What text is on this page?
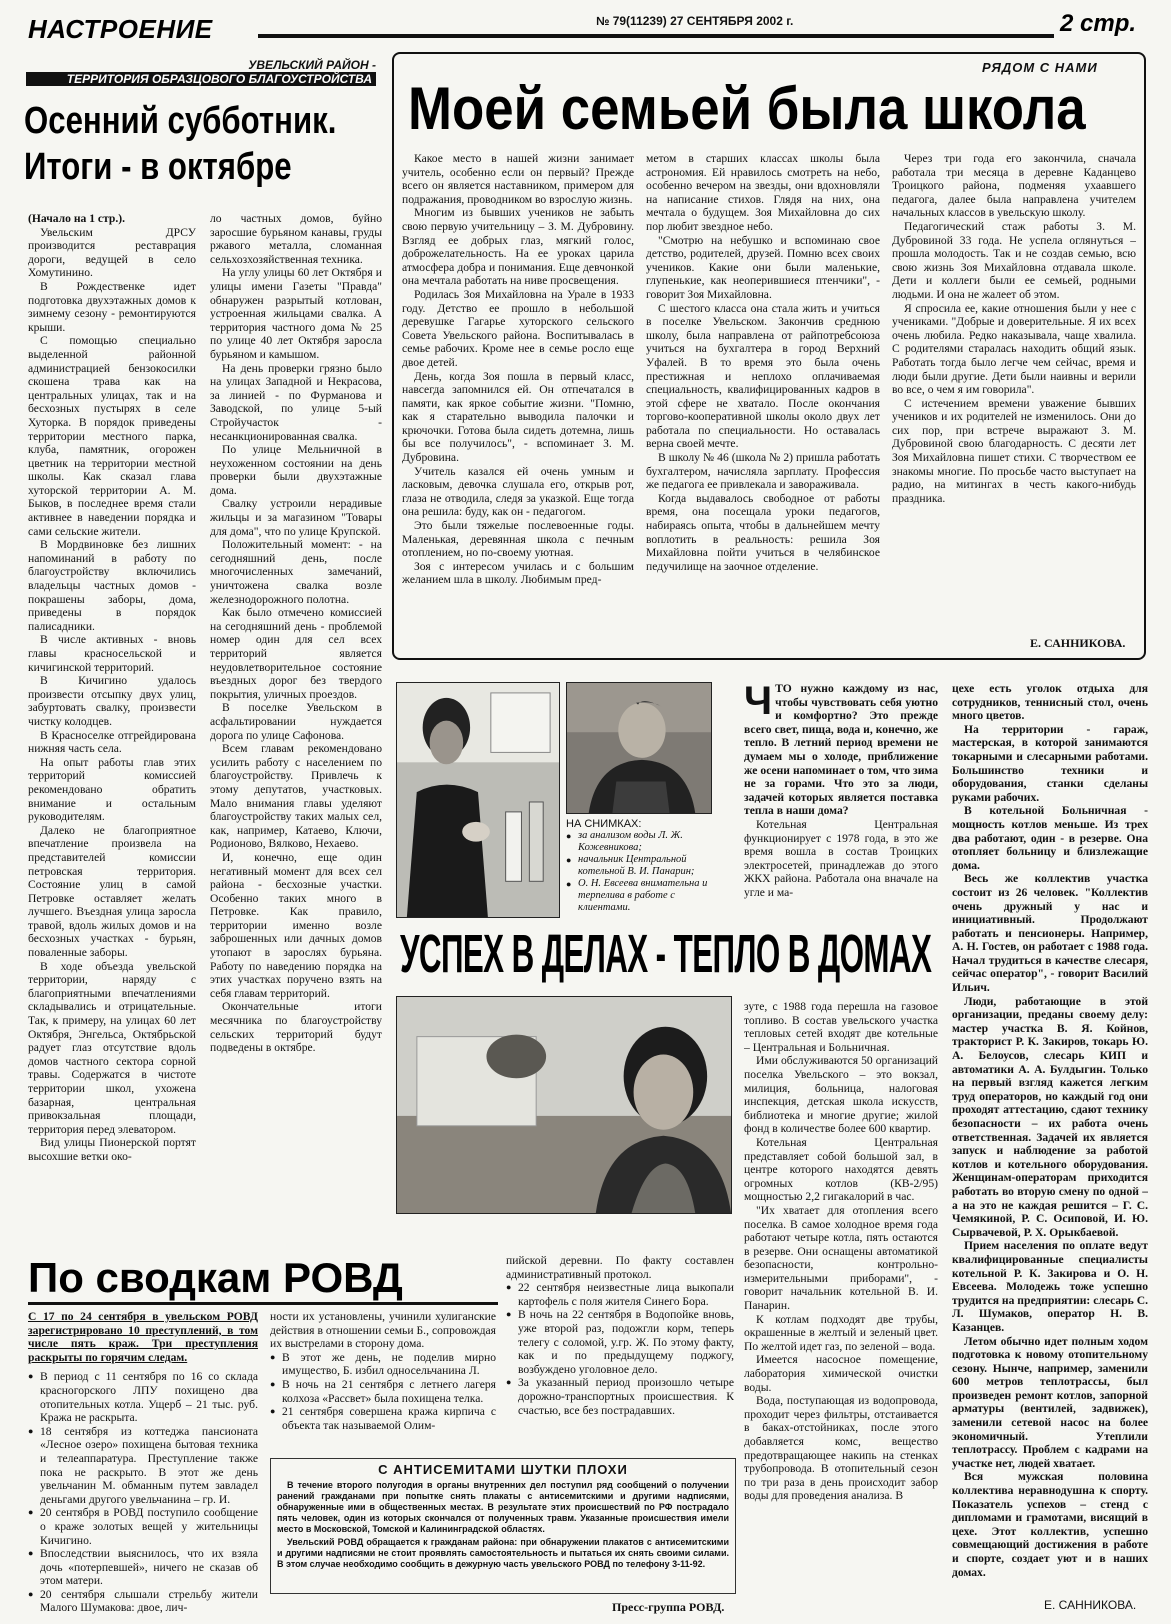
НАСТРОЕНИЕ	№ 79(11239) 27 СЕНТЯБРЯ 2002 г.	2 стр.
УВЕЛЬСКИЙ РАЙОН -
ТЕРРИТОРИЯ ОБРАЗЦОВОГО БЛАГОУСТРОЙСТВА
Осенний субботник.
Итоги - в октябре

(Начало на 1 стр.).

Увельским ДРСУ производится реставрация дороги, ведущей в село Хомутинино.

В Рождественке идет подготовка двухэтажных домов к зимнему сезону - ремонтируются крыши.

С помощью специально выделенной районной администрацией бензокосилки скошена трава как на центральных улицах, так и на бесхозных пустырях в селе Хуторка. В порядок приведены территории местного парка, клуба, памятник, огорожен цветник на территории местной школы. Как сказал глава хуторской территории А. М. Быков, в последнее время стали активнее в наведении порядка и сами сельские жители.

В Мордвиновке без лишних напоминаний в работу по благоустройству включились владельцы частных домов - покрашены заборы, дома, приведены в порядок палисадники.

В числе активных - вновь главы красносельской и кичигинской территорий.

В Кичигино удалось произвести отсыпку двух улиц, забуртовать свалку, произвести чистку колодцев.

В Красноселке отгрейдирована нижняя часть села.

На опыт работы глав этих территорий комиссией рекомендовано обратить внимание и остальным руководителям.

Далеко не благоприятное впечатление произвела на представителей комиссии петровская территория. Состояние улиц в самой Петровке оставляет желать лучшего. Въездная улица заросла травой, вдоль жилых домов и на бесхозных участках - бурьян, поваленные заборы.

В ходе объезда увельской территории, наряду с благоприятными впечатлениями складывались и отрицательные. Так, к примеру, на улицах 60 лет Октября, Энгельса, Октябрьской радует глаз отсутствие вдоль домов частного сектора сорной травы. Содержатся в чистоте территории школ, ухожена базарная, центральная привокзальная площади, территория перед элеватором.

Вид улицы Пионерской портят высохшие ветки око-

ло частных домов, буйно заросшие бурьяном канавы, груды ржавого металла, сломанная сельхозхозяйственная техника.

На углу улицы 60 лет Октября и улицы имени Газеты "Правда" обнаружен разрытый котлован, устроенная жильцами свалка. А территория частного дома № 25 по улице 40 лет Октября заросла бурьяном и камышом.

На день проверки грязно было на улицах Западной и Некрасова, за линией - по Фурманова и Заводской, по улице 5-ый Стройучасток - несанкционированная свалка.

По улице Мельничной в неухоженном состоянии на день проверки были двухэтажные дома.

Свалку устроили нерадивые жильцы и за магазином "Товары для дома", что по улице Крупской.

Положительный момент: - на сегодняшний день, после многочисленных замечаний, уничтожена свалка возле железнодорожного полотна.

Как было отмечено комиссией на сегодняшний день - проблемой номер один для сел всех территорий является неудовлетворительное состояние въездных дорог без твердого покрытия, уличных проездов.

В поселке Увельском в асфальтировании нуждается дорога по улице Сафонова.

Всем главам рекомендовано усилить работу с населением по благоустройству. Привлечь к этому депутатов, участковых. Мало внимания главы уделяют благоустройству таких малых сел, как, например, Катаево, Ключи, Родионово, Вялково, Нехаево.

И, конечно, еще один негативный момент для всех сел района - бесхозные участки. Особенно таких много в Петровке. Как правило, территории именно возле заброшенных или дачных домов утопают в зарослях бурьяна. Работу по наведению порядка на этих участках поручено взять на себя главам территорий.

Окончательные итоги месячника по благоустройству сельских территорий будут подведены в октябре.

РЯДОМ С НАМИ
Моей семьей была школа

Какое место в нашей жизни занимает учитель, особенно если он первый? Прежде всего он является наставником, примером для подражания, проводником во взрослую жизнь.

Многим из бывших учеников не забыть свою первую учительницу – З. М. Дубровину. Взгляд ее добрых глаз, мягкий голос, доброжелательность. На ее уроках царила атмосфера добра и понимания. Еще девчонкой она мечтала работать на ниве просвещения.

Родилась Зоя Михайловна на Урале в 1933 году. Детство ее прошло в небольшой деревушке Гагарье хуторского сельского Совета Увельского района. Воспитывалась в семье рабочих. Кроме нее в семье росло еще двое детей.

День, когда Зоя пошла в первый класс, навсегда запомнился ей. Он отпечатался в памяти, как яркое событие жизни. "Помню, как я старательно выводила палочки и крючочки. Готова была сидеть дотемна, лишь бы все получилось", - вспоминает З. М. Дубровина.

Учитель казался ей очень умным и ласковым, девочка слушала его, открыв рот, глаза не отводила, следя за указкой. Еще тогда она решила: буду, как он - педагогом.

Это были тяжелые послевоенные годы. Маленькая, деревянная школа с печным отоплением, но по-своему уютная.

Зоя с интересом училась и с большим желанием шла в школу. Любимым пред-

метом в старших классах школы была астрономия. Ей нравилось смотреть на небо, особенно вечером на звезды, они вдохновляли на написание стихов. Глядя на них, она мечтала о будущем. Зоя Михайловна до сих пор любит звездное небо.

"Смотрю на небушко и вспоминаю свое детство, родителей, друзей. Помню всех своих учеников. Какие они были маленькие, глупенькие, как неоперившиеся птенчики", - говорит Зоя Михайловна.

С шестого класса она стала жить и учиться в поселке Увельском. Закончив среднюю школу, была направлена от райпотребсоюза учиться на бухгалтера в город Верхний Уфалей. В то время это была очень престижная и неплохо оплачиваемая специальность, квалифицированных кадров в этой сфере не хватало. После окончания торгово-кооперативной школы около двух лет работала по специальности. Но оставалась верна своей мечте.

В школу № 46 (школа № 2) пришла работать бухгалтером, начисляла зарплату. Профессия же педагога ее привлекала и завораживала.

Когда выдавалось свободное от работы время, она посещала уроки педагогов, набираясь опыта, чтобы в дальнейшем мечту воплотить в реальность: решила Зоя Михайловна пойти учиться в челябинское педучилище на заочное отделение.

Через три года его закончила, сначала работала три месяца в деревне Каданцево Троицкого района, подменяя ухаавшего педагога, далее была направлена учителем начальных классов в увельскую школу.

Педагогический стаж работы З. М. Дубровиной 33 года. Не успела оглянуться – прошла молодость. Так и не создав семью, всю свою жизнь Зоя Михайловна отдавала школе. Дети и коллеги были ее семьей, родными людьми. И она не жалеет об этом.

Я спросила ее, какие отношения были у нее с учениками. "Добрые и доверительные. Я их всех очень любила. Редко наказывала, чаще хвалила. С родителями старалась находить общий язык. Работать тогда было легче чем сейчас, время и люди были другие. Дети были наивны и верили во все, о чем я им говорила".

С истечением времени уважение бывших учеников и их родителей не изменилось. Они до сих пор, при встрече выражают З. М. Дубровиной свою благодарность. С десяти лет Зоя Михайловна пишет стихи. С творчеством ее знакомы многие. По просьбе часто выступает на радио, на митингах в честь какого-нибудь праздника.

Е. САННИКОВА.
НА СНИМКАХ:
● за анализом воды Л. Ж. Кожевникова;
● начальник Центральной котельной В. И. Панарин;
● О. Н. Евсеева внимательна и терпелива в работе с клиентами.
УСПЕХ В ДЕЛАХ - ТЕПЛО В ДОМАХ

ЧТО нужно каждому из нас, чтобы чувствовать себя уютно и комфортно? Это прежде всего свет, пища, вода и, конечно, же тепло. В летний период времени не думаем мы о холоде, приближение же осени напоминает о том, что зима не за горами. Что это за люди, задачей которых является поставка тепла в наши дома?

Котельная Центральная функционирует с 1978 года, в это же время вошла в состав Троицких электросетей, принадлежав до этого ЖКХ района. Работала она вначале на угле и ма-

зуте, с 1988 года перешла на газовое топливо. В состав увельского участка тепловых сетей входят две котельные – Центральная и Больничная.

Ими обслуживаются 50 организаций поселка Увельского – это вокзал, милиция, больница, налоговая инспекция, детская школа искусств, библиотека и многие другие; жилой фонд в количестве более 600 квартир.

Котельная Центральная представляет собой большой зал, в центре которого находятся девять огромных котлов (КВ-2/95) мощностью 2,2 гигакалорий в час.

"Их хватает для отопления всего поселка. В самое холодное время года работают четыре котла, пять остаются в резерве. Они оснащены автоматикой безопасности, контрольно-измерительными приборами", - говорит начальник котельной В. И. Панарин.

К котлам подходят две трубы, окрашенные в желтый и зеленый цвет. По желтой идет газ, по зеленой – вода.

Имеется насосное помещение, лаборатория химической очистки воды.

Вода, поступающая из водопровода, проходит через фильтры, отстаивается в баках-отстойниках, после этого добавляется комс, вещество предотвращающее накипь на стенках трубопровода. В отопительный сезон по три раза в день происходит забор воды для проведения анализа. В

цехе есть уголок отдыха для сотрудников, теннисный стол, очень много цветов.

На территории - гараж, мастерская, в которой занимаются токарными и слесарными работами. Большинство техники и оборудования, станки сделаны руками рабочих.

В котельной Больничная - мощность котлов меньше. Из трех два работают, один - в резерве. Она отопляет больницу и близлежащие дома.

Весь же коллектив участка состоит из 26 человек. "Коллектив очень дружный у нас и инициативный. Продолжают работать и пенсионеры. Например, А. Н. Гостев, он работает с 1988 года. Начал трудиться в качестве слесаря, сейчас оператор", - говорит Василий Ильич.

Люди, работающие в этой организации, преданы своему делу: мастер участка В. Я. Койнов, тракторист Р. К. Закиров, токарь Ю. А. Белоусов, слесарь КИП и автоматики А. А. Булдыгин. Только на первый взгляд кажется легким труд операторов, но каждый год они проходят аттестацию, сдают технику безопасности – их работа очень ответственная. Задачей их является запуск и наблюдение за работой котлов и котельного оборудования. Женщинам-операторам приходится работать во вторую смену по одной – а на это не каждая решится – Г. С. Чемякиной, Р. С. Осиповой, И. Ю. Сырвачевой, Р. Х. Орыкбаевой.

Прием населения по оплате ведут квалифицированные специалисты котельной Р. К. Закирова и О. Н. Евсеева. Молодежь тоже успешно трудится на предприятии: слесарь С. Л. Шумаков, оператор Н. В. Казанцев.

Летом обычно идет полным ходом подготовка к новому отопительному сезону. Нынче, например, заменили 600 метров теплотрассы, был произведен ремонт котлов, запорной арматуры (вентилей, задвижек), заменили сетевой насос на более экономичный. Утеплили теплотрассу. Проблем с кадрами на участке нет, людей хватает.

Вся мужская половина коллектива неравнодушна к спорту. Показатель успехов – стенд с дипломами и грамотами, висящий в цехе. Этот коллектив, успешно совмещающий достижения в работе и спорте, создает уют и в наших домах.

Е. САННИКОВА.
По сводкам РОВД

С 17 по 24 сентября в увельском РОВД зарегистрировано 10 преступлений, в том числе пять краж. Три преступления раскрыты по горячим следам.

● В период с 11 сентября по 16 со склада красногорского ЛПУ похищено два отопительных котла. Ущерб – 21 тыс. руб. Кража не раскрыта.
● 18 сентября из коттеджа пансионата «Лесное озеро» похищена бытовая техника и телеаппаратура. Преступление также пока не раскрыто. В этот же день увельчанин М. обманным путем завладел деньгами другого увельчанина – гр. И.
● 20 сентября в РОВД поступило сообщение о краже золотых вещей у жительницы Кичигино.
● Впоследствии выяснилось, что их взяла дочь «потерпевшей», ничего не сказав об этом матери.
● 20 сентября слышали стрельбу жители Малого Шумакова: двое, лич-

ности их установлены, учинили хулиганские действия в отношении семьи Б., сопровождая их выстрелами в сторону дома.

● В этот же день, не поделив мирно имущество, Б. избил односельчанина Л.
● В ночь на 21 сентября с летнего лагеря колхоза «Рассвет» была похищена телка.
● 21 сентября совершена кража кирпича с объекта так называемой Олим-

пийской деревни. По факту составлен административный протокол.

● 22 сентября неизвестные лица выкопали картофель с поля жителя Синего Бора.
● В ночь на 22 сентября в Водопойке вновь, уже второй раз, подожгли корм, теперь телегу с соломой, у.гр. Ж. По этому факту, как и по предыдущему поджогу, возбуждено уголовное дело.
● За указанный период произошло четыре дорожно-транспортных происшествия. К счастью, все без пострадавших.
С АНТИСЕМИТАМИ ШУТКИ ПЛОХИ

В течение второго полугодия в органы внутренних дел поступил ряд сообщений о получении ранений гражданами при попытке снять плакаты с антисемитскими и другими надписями, обнаруженные ими в общественных местах. В результате этих происшествий по РФ пострадало пять человек, один из которых скончался от полученных травм. Указанные происшествия имели место в Московской, Томской и Калининградской областях.

Увельский РОВД обращается к гражданам района: при обнаружении плакатов с антисемитскими и другими надписями не стоит проявлять самостоятельность и пытаться их снять своими силами. В этом случае необходимо сообщить в дежурную часть увельского РОВД по телефону 3-11-92.

Пресс-группа РОВД.
